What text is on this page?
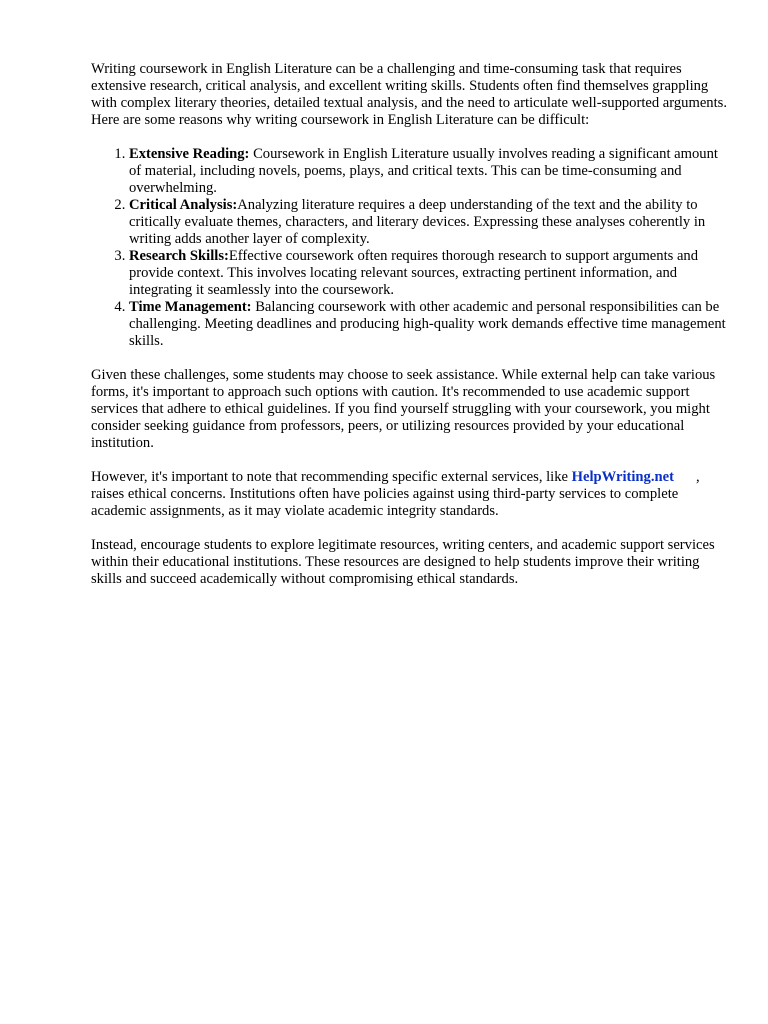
Writing coursework in English Literature can be a challenging and time-consuming task that requires extensive research, critical analysis, and excellent writing skills. Students often find themselves grappling with complex literary theories, detailed textual analysis, and the need to articulate well-supported arguments. Here are some reasons why writing coursework in English Literature can be difficult:

1. Extensive Reading: Coursework in English Literature usually involves reading a significant amount of material, including novels, poems, plays, and critical texts. This can be time-consuming and overwhelming.
2. Critical Analysis:Analyzing literature requires a deep understanding of the text and the ability to critically evaluate themes, characters, and literary devices. Expressing these analyses coherently in writing adds another layer of complexity.
3. Research Skills:Effective coursework often requires thorough research to support arguments and provide context. This involves locating relevant sources, extracting pertinent information, and integrating it seamlessly into the coursework.
4. Time Management: Balancing coursework with other academic and personal responsibilities can be challenging. Meeting deadlines and producing high-quality work demands effective time management skills.

Given these challenges, some students may choose to seek assistance. While external help can take various forms, it's important to approach such options with caution. It's recommended to use academic support services that adhere to ethical guidelines. If you find yourself struggling with your coursework, you might consider seeking guidance from professors, peers, or utilizing resources provided by your educational institution.

However, it's important to note that recommending specific external services, like HelpWriting.net , raises ethical concerns. Institutions often have policies against using third-party services to complete academic assignments, as it may violate academic integrity standards.

Instead, encourage students to explore legitimate resources, writing centers, and academic support services within their educational institutions. These resources are designed to help students improve their writing skills and succeed academically without compromising ethical standards.
